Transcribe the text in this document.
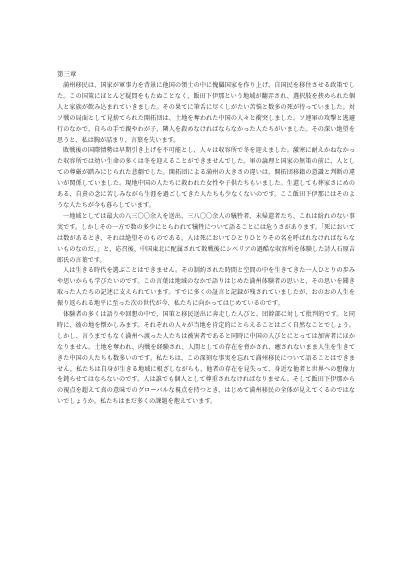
第三章

満州移民は、国家が軍事力を背景に他国の領土の中に傀儡国家を作り上げ、自国民を移住させる政策でした。この国策にほとんど疑問をもたぬことなく、飯田下伊那という地域が翻弄され、選択肢を挟められた個人と家族が飲み込まれていきました。その果てに筆舌に尽くしがたい苦悩と数多の死が待っていました。対ソ戦の局面として見捨てられた開拓団は、土地を奪われた中国の人々と衝突しました。ソ連軍の攻撃と逃避行のなかで、自らの手で親やわが子、隣人を殺めなければならなかった人たちがいました。その深い絶望を思うと、私は胸が詰まり、言葉を失います。

敗戦後の国際情勢は早期引き上げを不可能とし、人々は収容所で冬を迎えました。激寒に耐えかねなかった収容所では幼い生命の多くは冬を迎えることができませんでした。軍の論理と国家の無策の前に、人としての尊厳が踏みにじられた悲劇でした。開拓団による満州の大きさの違いは、開拓団移籍の意識と判断の違いが関係していました。現地中国の人たちに救われた女性や子供たちもいました。生還しても葬家さにめのある、自責の念に苦しみながら生涯を過ごしてきた人たちも少なくないのです。ここ飯田下伊那にはそのような人たちが今も暮らしています。

一地域としては最大の八三〇〇余人を送出、三八〇〇余人の犠牲者、未帰還者たち、これは紛れのない事実です。しかしその一方で数の多少にとらわれて犠牲について語ることには危うさがあります。「死においては数があるとき、それは絶望そのものである。人は死においてひとりひとりその名を呼ばれなければならないものなのだ。」と、応召後、中国東北に配属されて敗戦後にシベリアの過酷な収容所を体験した詩人石原吉郎氏の言葉です。

人は生きる時代を選ぶことはできません。その制約された時間と空間の中を生きてきた一人ひとりの歩みや思いからも学びたいのです。この言葉は地域のなかで語りはじめた満州体験者の思いと、その思いを聞き取った人たちの記述に支えられています。すでに多くの証言と記録が残されていましたが、おのおの人生を振り返られる地平に至った次の世代が今、私たちに向かってはじめているのです。

体験者の多くは語りや回想の中で、国策と移民送出に奔走した人びと、団幹部に対して批判的です。と同時に、彼の地を懐かしみます。それぞれの人々が当地を肯定的にとらえることはごく自然なことでしょう。しかし、言うまでもなく満州へ渡った人たちは被害者であると同時に中国の人びとにとっては加害者にほかなりません。土地を奪われ、内戦を経験され、人間としての存在を脅かされ、癒されないまま人生を生きてきた中国の人たちも数多いのです。私たちは、この深刻な事実を忘れて満州移民について語ることはできません。私たちは自身が生きる地域に根ざしながらも、他者の存在を見失って、身近な他者と世界への想像力を鈍らせてはならないのです。人は誰でも個人として尊重されなければなりません。そして飯田下伊那からの視点を超えて真の意味でのグローバルな視点を持つとき、はじめて満州移民の全体が見えてくるのではないでしょうか。私たちはまだ多くの課題を抱えています。
